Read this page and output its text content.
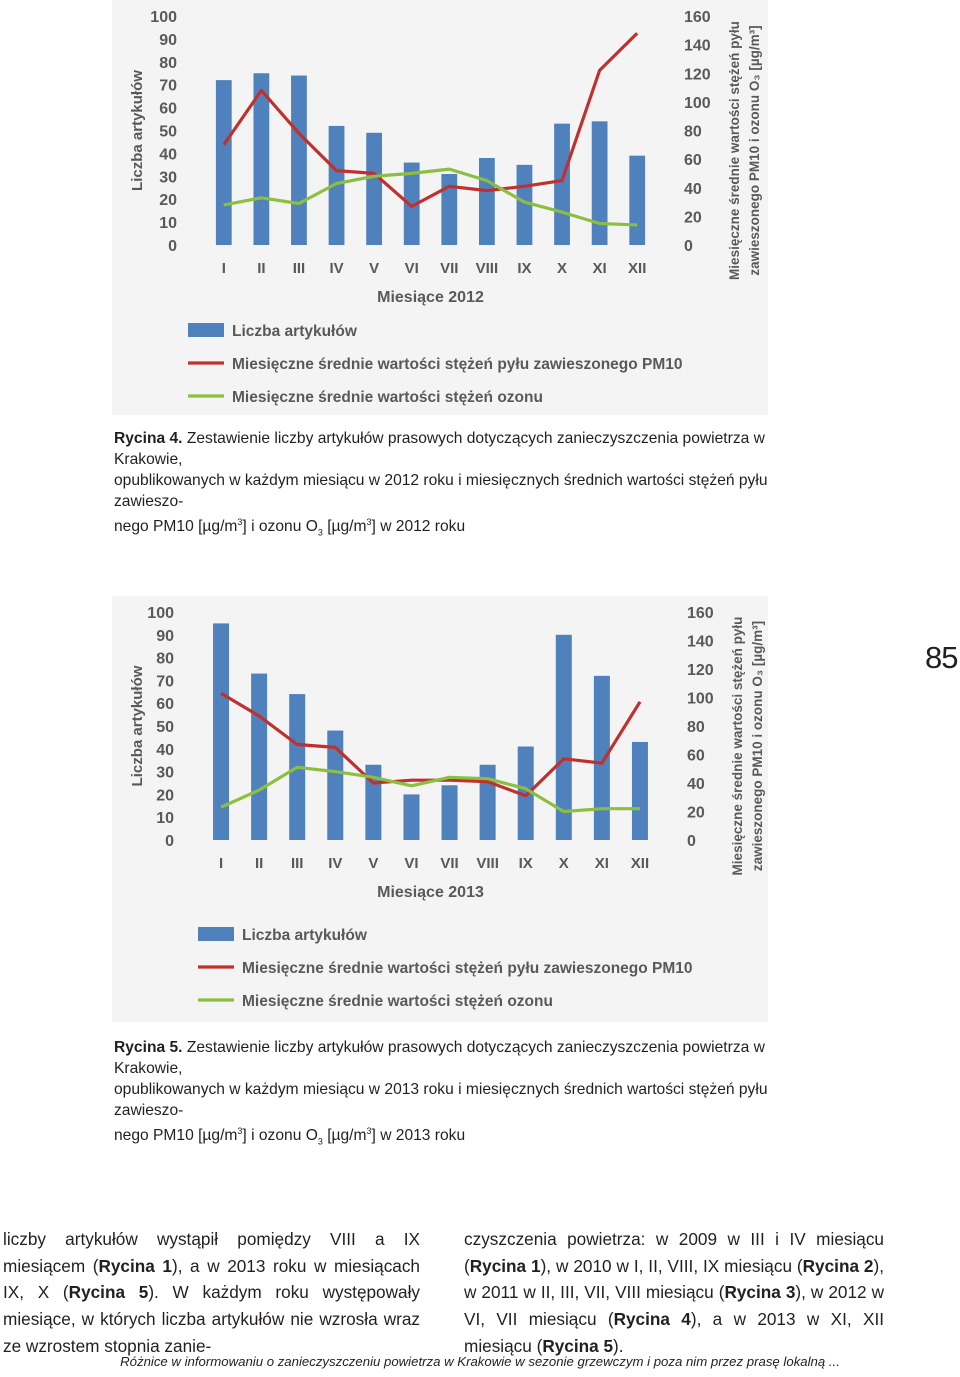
0
10
20
30
40
50
60
70
80
90
100
0
20
40
60
80
100
120
140
160
Liczba artykułów	Miesięczne średnie wartości stężeń pyłu zawieszonego PM10 i ozonu O₃ [µg/m³]
I II III IV V VI VII VIII IX X XI XII
Miesiące 2012
Liczba artykułów
Miesięczne średnie wartości stężeń pyłu zawieszonego PM10
Miesięczne średnie wartości stężeń ozonu
Rycina 4. Zestawienie liczby artykułów prasowych dotyczących zanieczyszczenia powietrza w Krakowie,
opublikowanych w każdym miesiącu w 2012 roku i miesięcznych średnich wartości stężeń pyłu zawieszo-
nego PM10 $[\mu g/m^3]$ i ozonu $O_3$ $[\mu g/m^3]$ w 2012 roku
0
10
20
30
40
50
60
70
80
90
100
0
20
40
60
80
100
120
140
160
Liczba artykułów	Miesięczne średnie wartości stężeń pyłu zawieszonego PM10 i ozonu O₃ [µg/m³]
I II III IV V VI VII VIII IX X XI XII
Miesiące 2013
Liczba artykułów
Miesięczne średnie wartości stężeń pyłu zawieszonego PM10
Miesięczne średnie wartości stężeń ozonu
85
Rycina 5. Zestawienie liczby artykułów prasowych dotyczących zanieczyszczenia powietrza w Krakowie,
opublikowanych w każdym miesiącu w 2013 roku i miesięcznych średnich wartości stężeń pyłu zawieszo-
nego PM10 $[\mu g/m^3]$ i ozonu $O_3$ $[\mu g/m^3]$ w 2013 roku
liczby artykułów wystąpił pomiędzy VIII a IX miesiącem (Rycina 1), a w 2013 roku w miesiącach IX, X (Rycina 5). W każdym roku występowały miesiące, w których liczba artykułów nie wzrosła wraz ze wzrostem stopnia zanie-
czyszczenia powietrza: w 2009 w III i IV miesiącu (Rycina 1), w 2010 w I, II, VIII, IX miesiącu (Rycina 2), w 2011 w II, III, VII, VIII miesiącu (Rycina 3), w 2012 w VI, VII miesiącu (Rycina 4), a w 2013 w XI, XII miesiącu (Rycina 5).
Różnice w informowaniu o zanieczyszczeniu powietrza w Krakowie w sezonie grzewczym i poza nim przez prasę lokalną ...
